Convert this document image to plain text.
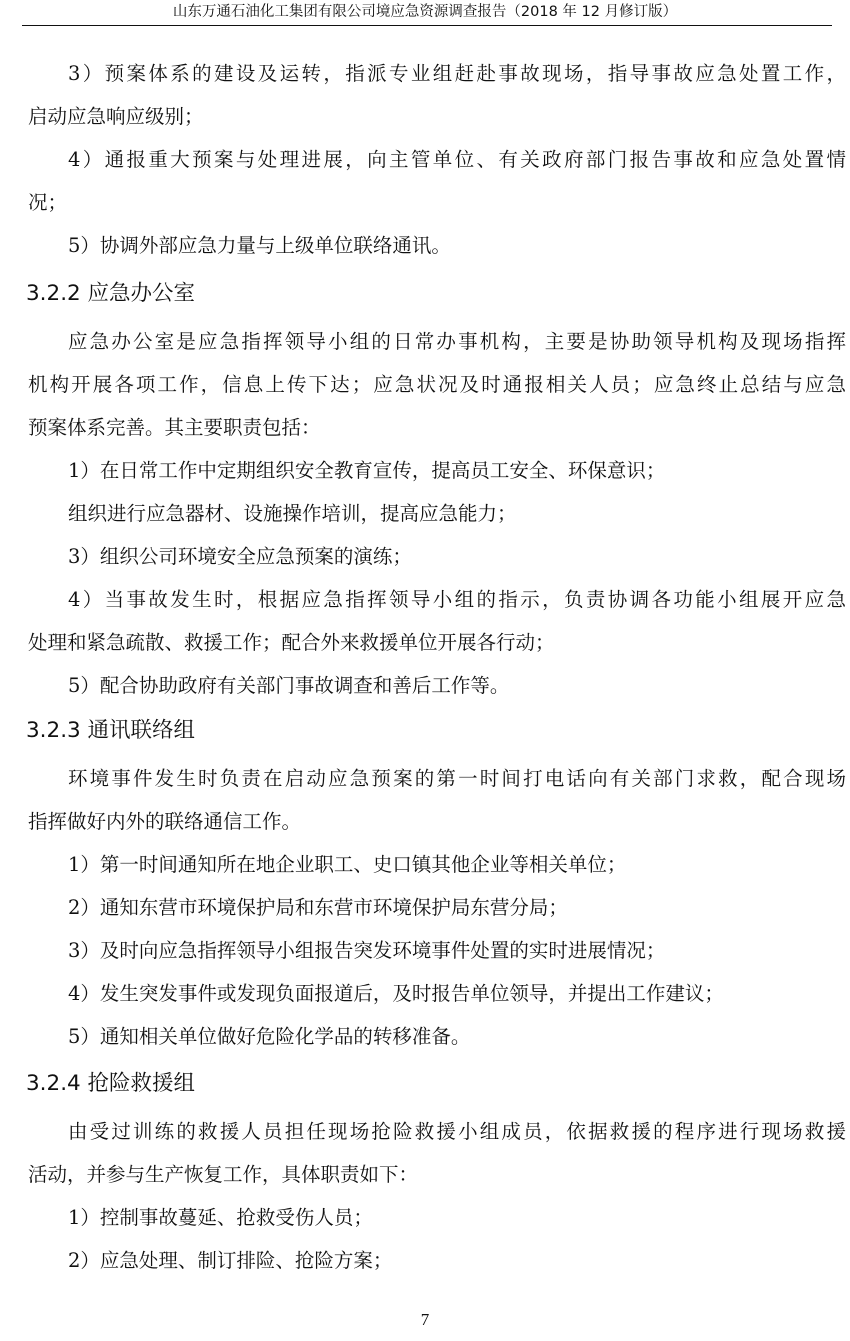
山东万通石油化工集团有限公司境应急资源调查报告（2018 年 12 月修订版）
3）预案体系的建设及运转，指派专业组赶赴事故现场，指导事故应急处置工作，
启动应急响应级别；
4）通报重大预案与处理进展，向主管单位、有关政府部门报告事故和应急处置情
况；
5）协调外部应急力量与上级单位联络通讯。
3.2.2 应急办公室
应急办公室是应急指挥领导小组的日常办事机构，主要是协助领导机构及现场指挥
机构开展各项工作，信息上传下达；应急状况及时通报相关人员；应急终止总结与应急
预案体系完善。其主要职责包括：
1）在日常工作中定期组织安全教育宣传，提高员工安全、环保意识；
组织进行应急器材、设施操作培训，提高应急能力；
3）组织公司环境安全应急预案的演练；
4）当事故发生时，根据应急指挥领导小组的指示，负责协调各功能小组展开应急
处理和紧急疏散、救援工作；配合外来救援单位开展各行动；
5）配合协助政府有关部门事故调查和善后工作等。
3.2.3 通讯联络组
环境事件发生时负责在启动应急预案的第一时间打电话向有关部门求救，配合现场
指挥做好内外的联络通信工作。
1）第一时间通知所在地企业职工、史口镇其他企业等相关单位；
2）通知东营市环境保护局和东营市环境保护局东营分局；
3）及时向应急指挥领导小组报告突发环境事件处置的实时进展情况；
4）发生突发事件或发现负面报道后，及时报告单位领导，并提出工作建议；
5）通知相关单位做好危险化学品的转移准备。
3.2.4 抢险救援组
由受过训练的救援人员担任现场抢险救援小组成员，依据救援的程序进行现场救援
活动，并参与生产恢复工作，具体职责如下：
1）控制事故蔓延、抢救受伤人员；
2）应急处理、制订排险、抢险方案；
7
